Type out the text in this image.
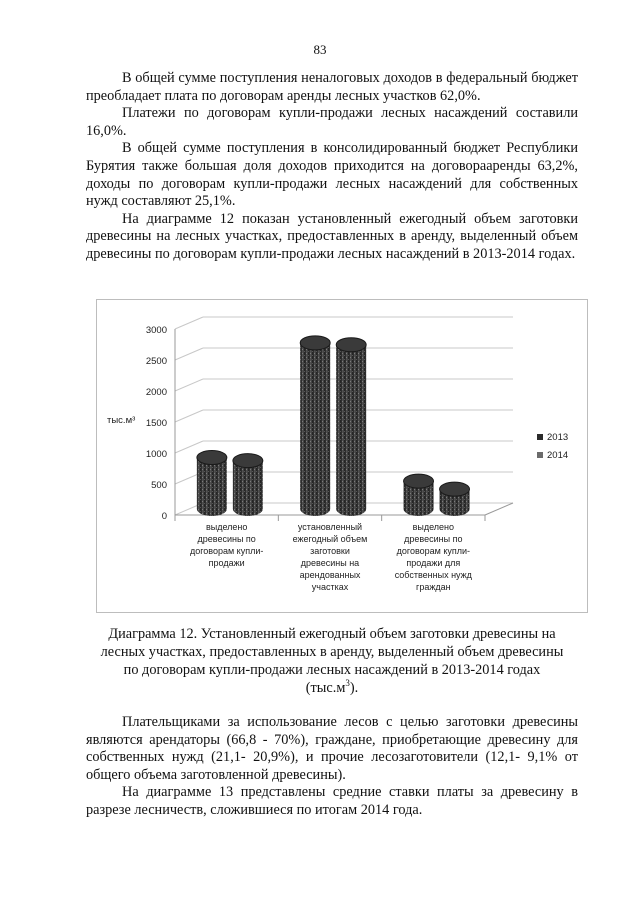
83

В общей сумме поступления неналоговых доходов в федеральный бюджет преобладает плата по договорам аренды лесных участков 62,0%.

Платежи по договорам купли-продажи лесных насаждений составили 16,0%.

В общей сумме поступления в консолидированный бюджет Республики Бурятия также большая доля доходов приходится на договорааренды 63,2%, доходы по договорам купли-продажи лесных насаждений для собственных нужд составляют 25,1%.

На диаграмме 12 показан установленный ежегодный объем заготовки древесины на лесных участках, предоставленных в аренду, выделенный объем древесины по договорам купли-продажи лесных насаждений в 2013-2014 годах.

0
500
1000
1500
2000
2500
3000
тыс.м³
выделено
древесины по
договорам купли-
продажи
установленный
ежегодный объем
заготовки
древесины на
арендованных
участках
выделено
древесины по
договорам купли-
продажи для
собственных нужд
граждан
2013
2014
Диаграмма 12. Установленный ежегодный объем заготовки древесины на
лесных участках, предоставленных в аренду, выделенный объем древесины
по договорам купли-продажи лесных насаждений в 2013-2014 годах
$(тыс.м^3)$.

Плательщиками за использование лесов с целью заготовки древесины являются арендаторы (66,8 - 70%), граждане, приобретающие древесину для собственных нужд (21,1- 20,9%), и прочие лесозаготовители (12,1- 9,1% от общего объема заготовленной древесины).

На диаграмме 13 представлены средние ставки платы за древесину в разрезе лесничеств, сложившиеся по итогам 2014 года.
